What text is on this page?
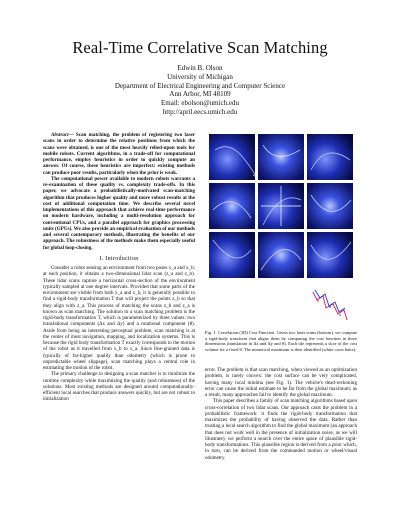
Real-Time Correlative Scan Matching
Edwin B. Olson
University of Michigan
Department of Electrical Engineering and Computer Science
Ann Arbor, MI 48109
Email: ebolson@umich.edu
http://april.eecs.umich.edu

Abstract— Scan matching, the problem of registering two laser scans in order to determine the relative positions from which the scans were obtained, is one of the most heavily relied-upon tools for mobile robots. Current algorithms, in a trade-off for computational performance, employ heuristics in order to quickly compute an answer. Of course, these heuristics are imperfect: existing methods can produce poor results, particularly when the prior is weak.

The computational power available to modern robots warrants a re-examination of these quality vs. complexity trade-offs. In this paper, we advocate a probabilistically-motivated scan-matching algorithm that produces higher quality and more robust results at the cost of additional computation time. We describe several novel implementations of this approach that achieve real-time performance on modern hardware, including a multi-resolution approach for conventional CPUs, and a parallel approach for graphics processing units (GPUs). We also provide an empirical evaluation of our methods and several contemporary methods, illustrating the benefits of our approach. The robustness of the methods make them especially useful for global loop-closing.

I. Introduction

Consider a robot sensing an environment from two poses x_a and x_b; at each position, it obtains a two-dimensional lidar scan (z_a and z_b). These lidar scans capture a horizontal cross-section of the environment typically sampled at one degree intervals. Provided that some parts of the environment are visible from both x_a and x_b, it is generally possible to find a rigid-body transformation T that will project the points z_b so that they align with z_a. This process of matching the scans z_b and z_a is known as scan matching. The solution to a scan matching problem is the rigid-body transformation T, which is parameterized by three values: two translational components (Δx and Δy) and a rotational component (θ). Aside from being an interesting perceptual problem, scan matching is at the center of most navigation, mapping, and localization systems. This is because the rigid body transformation T exactly corresponds to the motion of the robot as it travelled from x_b to x_a. Since fine-grained data is typically of far-higher quality than odometry (which is prone to unpredictable wheel slippage), scan matching plays a central role in estimating the motion of the robot.

The primary challenge in designing a scan matcher is to minimize the runtime complexity while maximizing the quality (and robustness) of the solutions. Most existing methods are designed around computationally-efficient local searches that produce answers quickly, but are not robust to initialization

Fig. 1. Correlation (3D) Cost Function. Given two laser scans (bottom), we compute a rigid-body transform that aligns them by computing the cost function in three dimensions (translation in Δx and Δy and θ). Each tile represents a slice of the cost volume for a fixed θ. The numerical maximum is then identified (white cross hairs).

error. The problem is that scan matching, when viewed as an optimization problem, is rarely convex: the cost surface can be very complicated, having many local minima (see Fig. 1). The vehicle's dead-reckoning error can cause the initial estimate to be far from the global maximum; as a result, many approaches fail to identify the global maximum.

This paper describes a family of scan matching algorithms based upon cross-correlation of two lidar scans. Our approach casts the problem in a probabilistic framework: it finds the rigid-body transformation that maximizes the probability of having observed the data. Rather than trusting a local search algorithm to find the global maximum (an approach that does not work well in the presence of initialization noise, as we will illustrate), we perform a search over the entire space of plausible rigid-body transformations. This plausible region is derived from a prior which, in turn, can be derived from the commanded motion or wheel/visual odometry.
